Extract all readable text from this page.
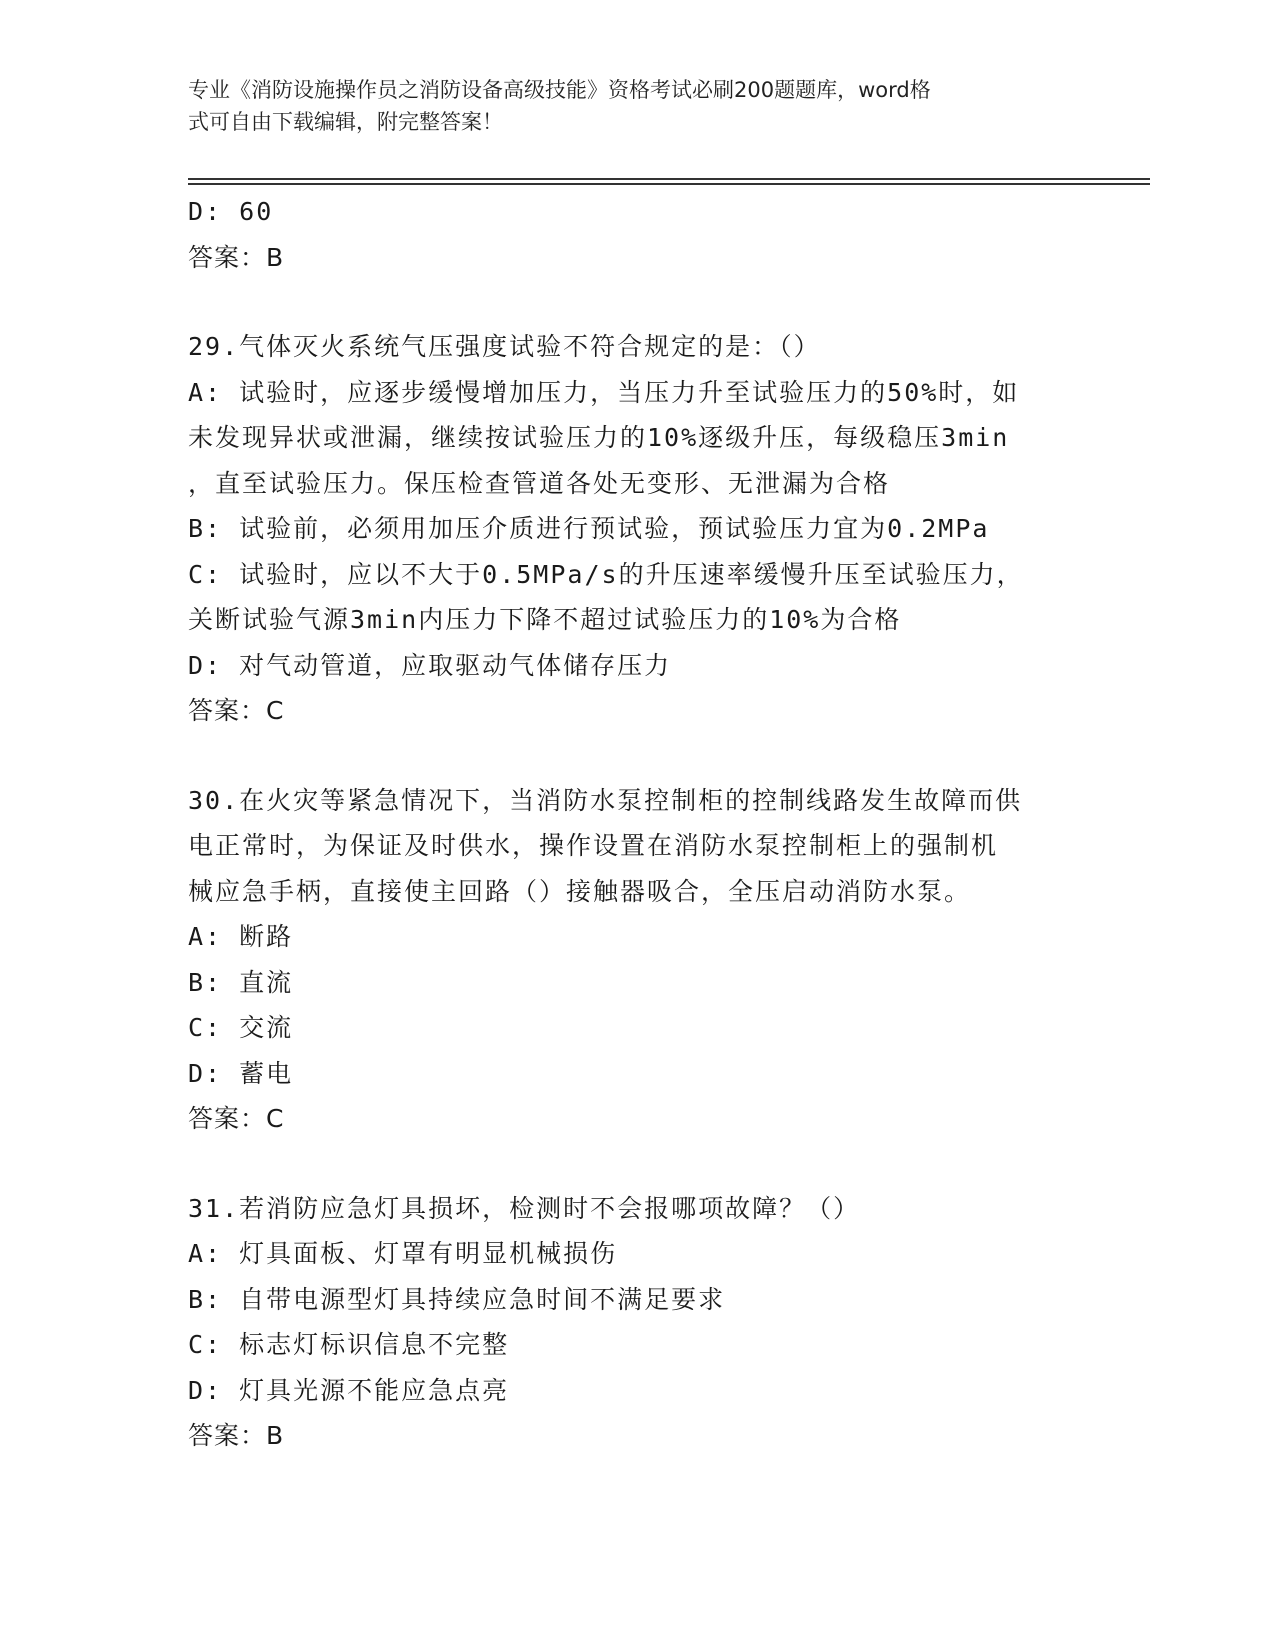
专业《消防设施操作员之消防设备高级技能》资格考试必刷200题题库，word格
式可自由下载编辑，附完整答案！
D: 60
答案：B
29.气体灭火系统气压强度试验不符合规定的是：（）
A: 试验时，应逐步缓慢增加压力，当压力升至试验压力的50%时，如
未发现异状或泄漏，继续按试验压力的10%逐级升压，每级稳压3min
，直至试验压力。保压检查管道各处无变形、无泄漏为合格
B: 试验前，必须用加压介质进行预试验，预试验压力宜为0.2MPa
C: 试验时，应以不大于0.5MPa/s的升压速率缓慢升压至试验压力，
关断试验气源3min内压力下降不超过试验压力的10%为合格
D: 对气动管道，应取驱动气体储存压力
答案：C
30.在火灾等紧急情况下，当消防水泵控制柜的控制线路发生故障而供
电正常时，为保证及时供水，操作设置在消防水泵控制柜上的强制机
械应急手柄，直接使主回路（）接触器吸合，全压启动消防水泵。
A: 断路
B: 直流
C: 交流
D: 蓄电
答案：C
31.若消防应急灯具损坏，检测时不会报哪项故障？（）
A: 灯具面板、灯罩有明显机械损伤
B: 自带电源型灯具持续应急时间不满足要求
C: 标志灯标识信息不完整
D: 灯具光源不能应急点亮
答案：B
